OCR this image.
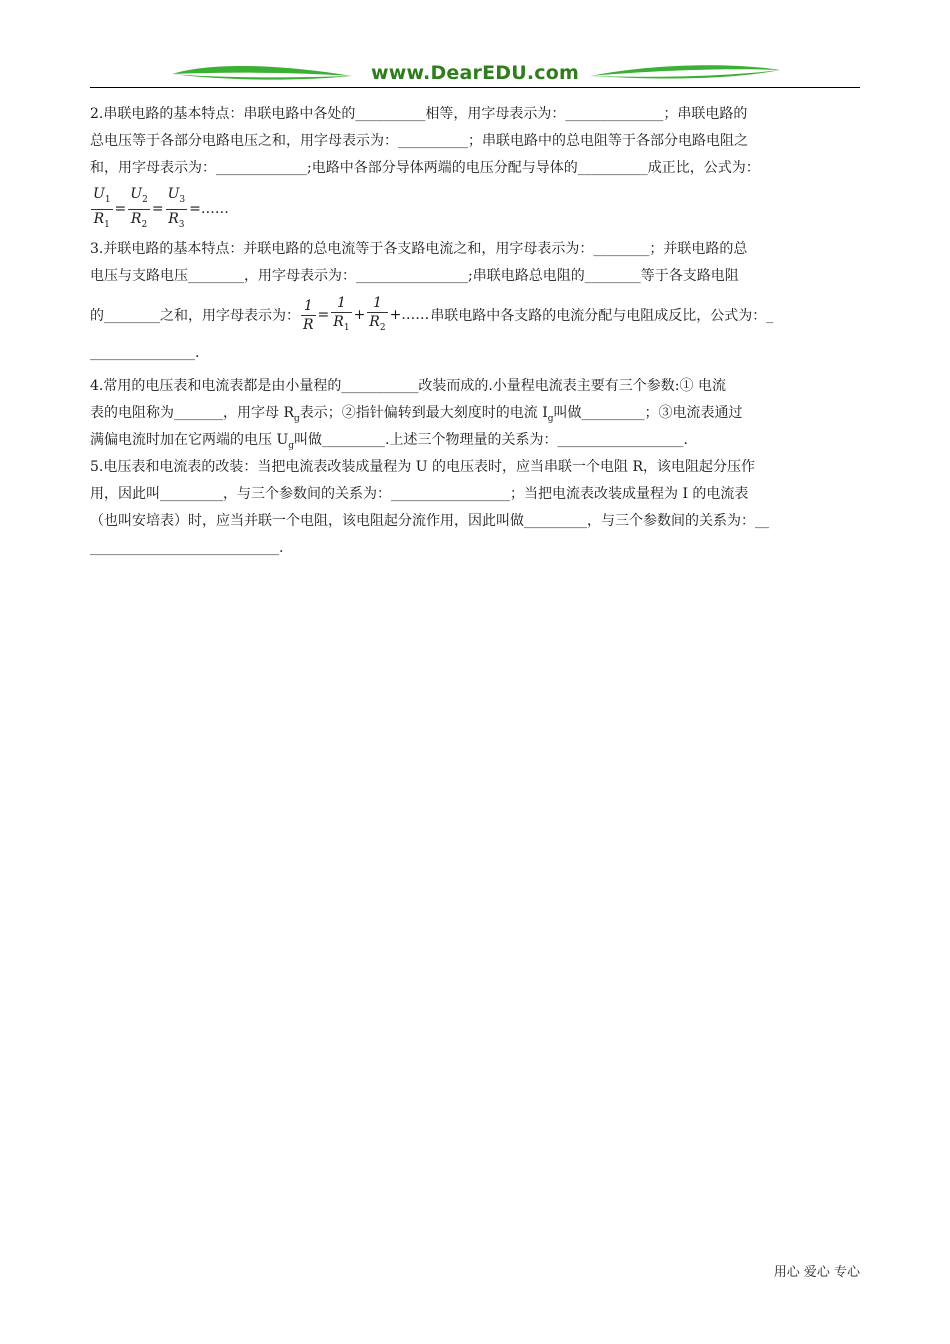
www.DearEDU.com
2.串联电路的基本特点：串联电路中各处的__________相等，用字母表示为：______________；串联电路的
总电压等于各部分电路电压之和，用字母表示为：__________；串联电路中的总电阻等于各部分电路电阻之
和，用字母表示为：_____________;电路中各部分导体两端的电压分配与导体的__________成正比，公式为：
$\frac{U_1}{R_1} = \frac{U_2}{R_2} = \frac{U_3}{R_3}$ =……
3.并联电路的基本特点：并联电路的总电流等于各支路电流之和，用字母表示为：________；并联电路的总
电压与支路电压________，用字母表示为：________________;串联电路总电阻的________等于各支路电阻
的________之和，用字母表示为： $\frac{1}{R} = \frac{1}{R_1} + \frac{1}{R_2}$ +…… 串联电路中各支路的电流分配与电阻成反比，公式为：_
_______________.
4.常用的电压表和电流表都是由小量程的___________改装而成的.小量程电流表主要有三个参数:① 电流
表的电阻称为_______，用字母 $R_g$表示；②指针偏转到最大刻度时的电流 $I_g$叫做_________；③电流表通过
满偏电流时加在它两端的电压 $U_g$叫做_________.上述三个物理量的关系为：__________________.
5.电压表和电流表的改装：当把电流表改装成量程为 U 的电压表时，应当串联一个电阻 R，该电阻起分压作
用，因此叫_________，与三个参数间的关系为：_________________；当把电流表改装成量程为 I 的电流表
（也叫安培表）时，应当并联一个电阻，该电阻起分流作用，因此叫做_________，与三个参数间的关系为：__
___________________________.
用心 爱心 专心
